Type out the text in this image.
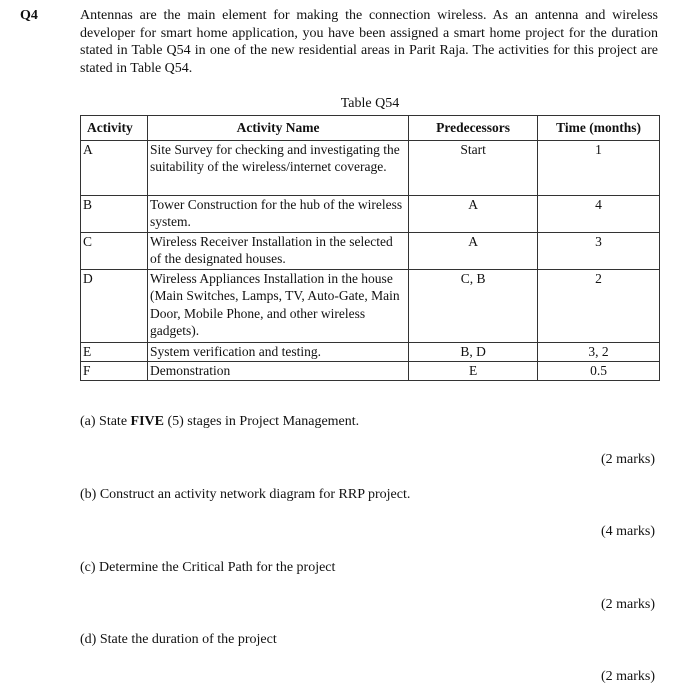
Q4	Antennas are the main element for making the connection wireless. As an antenna and wireless developer for smart home application, you have been assigned a smart home project for the duration stated in Table Q54 in one of the new residential areas in Parit Raja. The activities for this project are stated in Table Q54.
Table Q54
Activity	Activity Name	Predecessors	Time (months)
A	Site Survey for checking and investigating the suitability of the wireless/internet coverage.	Start	1
B	Tower Construction for the hub of the wireless system.	A	4
C	Wireless Receiver Installation in the selected of the designated houses.	A	3
D	Wireless Appliances Installation in the house (Main Switches, Lamps, TV, Auto-Gate, Main Door, Mobile Phone, and other wireless gadgets).	C, B	2
E	System verification and testing.	B, D	3, 2
F	Demonstration	E	0.5
(a) State FIVE (5) stages in Project Management.
(2 marks)
(b) Construct an activity network diagram for RRP project.
(4 marks)
(c) Determine the Critical Path for the project
(2 marks)
(d) State the duration of the project
(2 marks)
